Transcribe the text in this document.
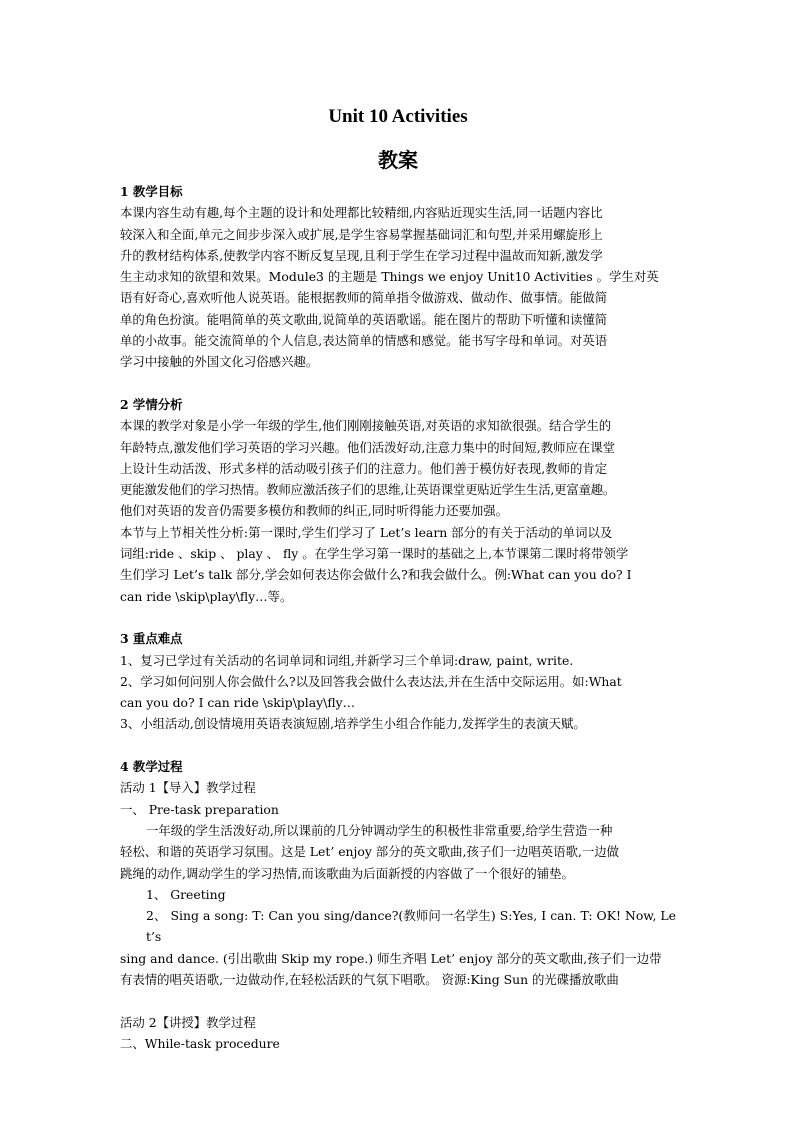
Unit 10 Activities
教案

1 教学目标

本课内容生动有趣,每个主题的设计和处理都比较精细,内容贴近现实生活,同一话题内容比

较深入和全面,单元之间步步深入或扩展,是学生容易掌握基础词汇和句型,并采用螺旋形上

升的教材结构体系,使教学内容不断反复呈现,且利于学生在学习过程中温故而知新,激发学

生主动求知的欲望和效果。Module3 的主题是 Things we enjoy Unit10 Activities 。学生对英

语有好奇心,喜欢听他人说英语。能根据教师的简单指令做游戏、做动作、做事情。能做简

单的角色扮演。能唱简单的英文歌曲,说简单的英语歌谣。能在图片的帮助下听懂和读懂简

单的小故事。能交流简单的个人信息,表达简单的情感和感觉。能书写字母和单词。对英语

学习中接触的外国文化习俗感兴趣。

2 学情分析

本课的教学对象是小学一年级的学生,他们刚刚接触英语,对英语的求知欲很强。结合学生的

年龄特点,激发他们学习英语的学习兴趣。他们活泼好动,注意力集中的时间短,教师应在课堂

上设计生动活泼、形式多样的活动吸引孩子们的注意力。他们善于模仿好表现,教师的肯定

更能激发他们的学习热情。教师应激活孩子们的思维,让英语课堂更贴近学生生活,更富童趣。

他们对英语的发音仍需要多模仿和教师的纠正,同时听得能力还要加强。

本节与上节相关性分析:第一课时,学生们学习了 Let’s learn 部分的有关于活动的单词以及

词组:ride 、skip 、 play 、 fly 。在学生学习第一课时的基础之上,本节课第二课时将带领学

生们学习 Let’s talk 部分,学会如何表达你会做什么?和我会做什么。例:What can you do? I

can ride \skip\play\fly…等。

3 重点难点

1、复习已学过有关活动的名词单词和词组,并新学习三个单词:draw, paint, write.

2、学习如何问别人你会做什么?以及回答我会做什么表达法,并在生活中交际运用。如:What

can you do? I can ride \skip\play\fly…

3、小组活动,创设情境用英语表演短剧,培养学生小组合作能力,发挥学生的表演天赋。

4 教学过程

活动 1【导入】教学过程

一、 Pre-task preparation

一年级的学生活泼好动,所以课前的几分钟调动学生的积极性非常重要,给学生营造一种

轻松、和谐的英语学习氛围。这是 Let’ enjoy 部分的英文歌曲,孩子们一边唱英语歌,一边做

跳绳的动作,调动学生的学习热情,而该歌曲为后面新授的内容做了一个很好的铺垫。

1、 Greeting

2、 Sing a song: T: Can you sing/dance?(教师问一名学生) S:Yes, I can. T: OK! Now, Let’s

sing and dance. (引出歌曲 Skip my rope.) 师生齐唱 Let’ enjoy 部分的英文歌曲,孩子们一边带

有表情的唱英语歌,一边做动作,在轻松活跃的气氛下唱歌。 资源:King Sun 的光碟播放歌曲

活动 2【讲授】教学过程

二、While-task procedure
